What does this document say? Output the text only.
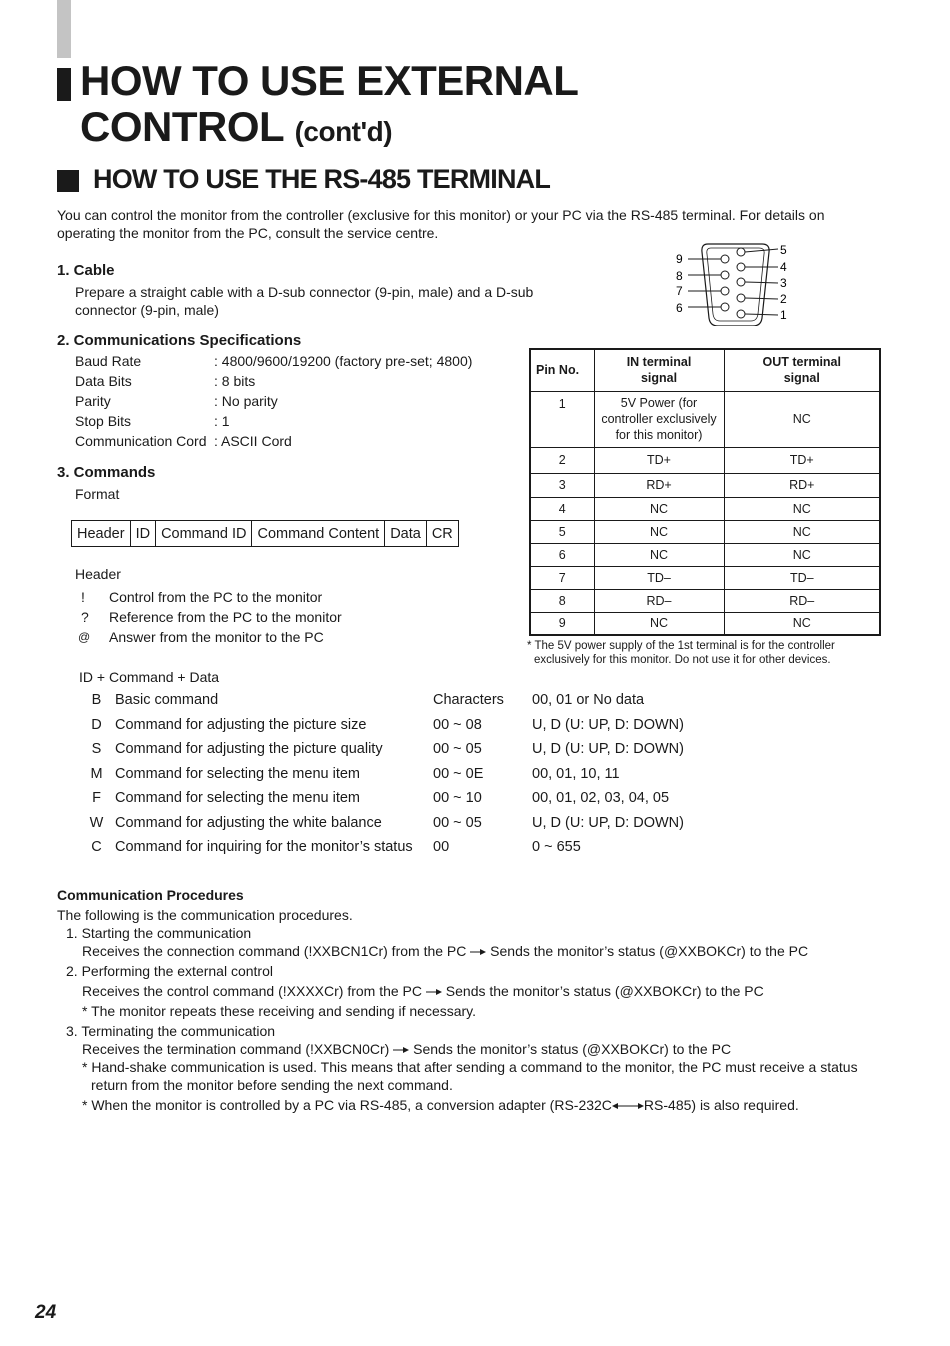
HOW TO USE EXTERNAL
CONTROL (cont'd)
HOW TO USE THE RS-485 TERMINAL
You can control the monitor from the controller (exclusive for this monitor) or your PC via the RS-485 terminal. For details on
operating the monitor from the PC, consult the service centre.
1. Cable
Prepare a straight cable with a D-sub connector (9-pin, male) and a D-sub
connector (9-pin, male)
9
8
7
6
5
4
3
2
1
2. Communications Specifications
Baud Rate	: 4800/9600/19200 (factory pre-set; 4800)
Data Bits	: 8 bits
Parity	: No parity
Stop Bits	: 1
Communication Cord : ASCII Cord
3. Commands
Format
Header	ID	Command ID	Command Content	Data	CR
Header
! Control from the PC to the monitor
? Reference from the PC to the monitor
@ Answer from the monitor to the PC
ID + Command + Data
B	Basic command	Characters	00, 01 or No data
D	Command for adjusting the picture size	00 ~ 08	U, D (U: UP, D: DOWN)
S	Command for adjusting the picture quality	00 ~ 05	U, D (U: UP, D: DOWN)
M	Command for selecting the menu item	00 ~ 0E	00, 01, 10, 11
F	Command for selecting the menu item	00 ~ 10	00, 01, 02, 03, 04, 05
W	Command for adjusting the white balance	00 ~ 05	U, D (U: UP, D: DOWN)
C	Command for inquiring for the monitor’s status	00	0 ~ 655
Pin No.	IN terminal signal	OUT terminal signal
1	5V Power (for controller exclusively for this monitor)	NC
2	TD+	TD+
3	RD+	RD+
4	NC	NC
5	NC	NC
6	NC	NC
7	TD–	TD–
8	RD–	RD–
9	NC	NC
* The 5V power supply of the 1st terminal is for the controller
exclusively for this monitor. Do not use it for other devices.
Communication Procedures
The following is the communication procedures.
1. Starting the communication
Receives the connection command (!XXBCN1Cr) from the PC Sends the monitor’s status (@XXBOKCr) to the PC
2. Performing the external control
Receives the control command (!XXXXCr) from the PC Sends the monitor’s status (@XXBOKCr) to the PC
* The monitor repeats these receiving and sending if necessary.
3. Terminating the communication
Receives the termination command (!XXBCN0Cr) Sends the monitor’s status (@XXBOKCr) to the PC
* Hand-shake communication is used. This means that after sending a command to the monitor, the PC must receive a status
return from the monitor before sending the next command.
* When the monitor is controlled by a PC via RS-485, a conversion adapter (RS-232C RS-485) is also required.
24
